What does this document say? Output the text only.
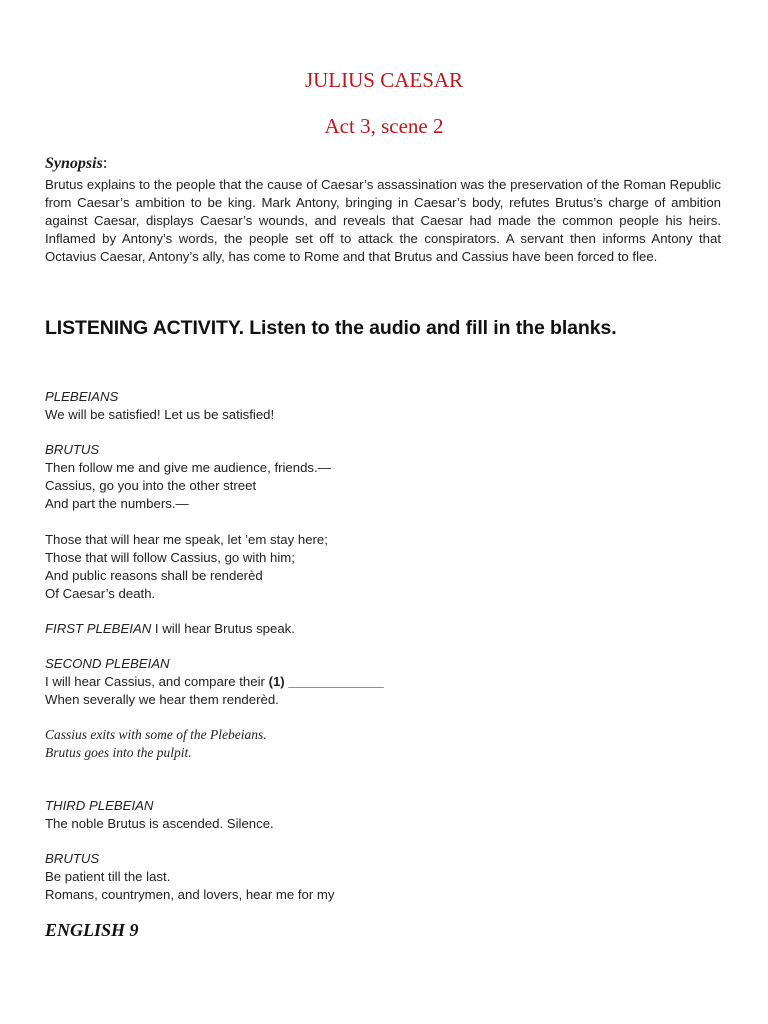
JULIUS CAESAR
Act 3, scene 2
Synopsis:
Brutus explains to the people that the cause of Caesar’s assassination was the preservation of the Roman Republic from Caesar’s ambition to be king. Mark Antony, bringing in Caesar’s body, refutes Brutus’s charge of ambition against Caesar, displays Caesar’s wounds, and reveals that Caesar had made the common people his heirs. Inflamed by Antony’s words, the people set off to attack the conspirators. A servant then informs Antony that Octavius Caesar, Antony’s ally, has come to Rome and that Brutus and Cassius have been forced to flee.
LISTENING ACTIVITY. Listen to the audio and fill in the blanks.
PLEBEIANS
We will be satisfied! Let us be satisfied!
BRUTUS
Then follow me and give me audience, friends.—
Cassius, go you into the other street
And part the numbers.—
Those that will hear me speak, let ’em stay here;
Those that will follow Cassius, go with him;
And public reasons shall be renderèd
Of Caesar’s death.
FIRST PLEBEIAN I will hear Brutus speak.
SECOND PLEBEIAN
I will hear Cassius, and compare their (1) _____________
When severally we hear them renderèd.
Cassius exits with some of the Plebeians.
Brutus goes into the pulpit.
THIRD PLEBEIAN
The noble Brutus is ascended. Silence.
BRUTUS
Be patient till the last.
Romans, countrymen, and lovers, hear me for my
ENGLISH 9
